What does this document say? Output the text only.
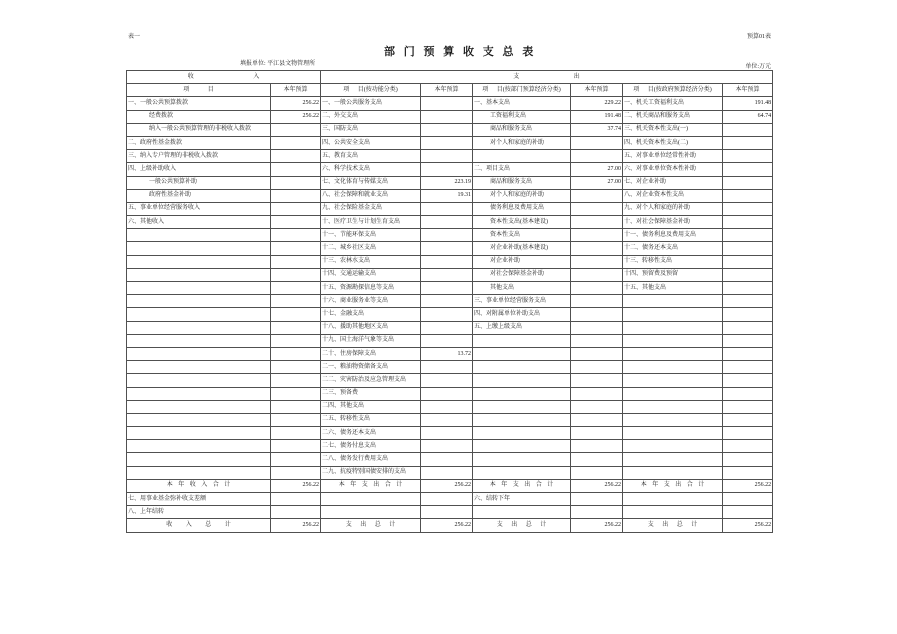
表一	预算01表
部 门 预 算 收 支 总 表
填报单位: 平江县文物管理所	单位:万元
收 入		支 出					
项 目	本年预算	项 目(按功能分类)	本年预算	项 目(按部门预算经济分类)	本年预算	项 目(按政府预算经济分类)	本年预算
一、一般公共预算拨款	256.22	一、一般公共服务支出		一、基本支出	229.22	一、机关工资福利支出	191.48
经费拨款	256.22	二、外交支出		工资福利支出	191.48	二、机关商品和服务支出	64.74
纳入一般公共预算管理的非税收入拨款		三、国防支出		商品和服务支出	37.74	三、机关资本性支出(一)	
二、政府性基金拨款		四、公共安全支出		对个人和家庭的补助		四、机关资本性支出(二)	
三、纳入专户管理的非税收入拨款		五、教育支出				五、对事业单位经常性补助	
四、上级补助收入		六、科学技术支出		二、项目支出	27.00	六、对事业单位资本性补助	
一般公共预算补助		七、文化体育与传媒支出	223.19	商品和服务支出	27.00	七、对企业补助	
政府性基金补助		八、社会保障和就业支出	19.31	对个人和家庭的补助		八、对企业资本性支出	
五、事业单位经营服务收入		九、社会保险基金支出		债务利息及费用支出		九、对个人和家庭的补助	
六、其他收入		十、医疗卫生与计划生育支出		资本性支出(基本建设)		十、对社会保障基金补助	
		十一、节能环保支出		资本性支出		十一、债务利息及费用支出	
		十二、城乡社区支出		对企业补助(基本建设)		十二、债务还本支出	
		十三、农林水支出		对企业补助		十三、转移性支出	
		十四、交通运输支出		对社会保障基金补助		十四、预留费及预留	
		十五、资源勘探信息等支出		其他支出		十五、其他支出	
		十六、商业服务业等支出		三、事业单位经营服务支出			
		十七、金融支出		四、对附属单位补助支出			
		十八、援助其他地区支出		五、上缴上级支出			
		十九、国土海洋气象等支出					
		二十、住房保障支出	13.72				
		二一、粮油物资储备支出					
		二二、灾害防治及应急管理支出					
		二三、预备费					
		二四、其他支出					
		二五、转移性支出					
		二六、债务还本支出					
		二七、债务付息支出					
		二八、债务发行费用支出					
		二九、抗疫特别国债安排的支出					
本 年 收 入 合 计	256.22	本 年 支 出 合 计	256.22	本 年 支 出 合 计	256.22	本 年 支 出 合 计	256.22
七、用事业基金弥补收支差额				六、结转下年			
八、上年结转							
收 入 总 计	256.22	支 出 总 计	256.22	支 出 总 计	256.22	支 出 总 计	256.22
